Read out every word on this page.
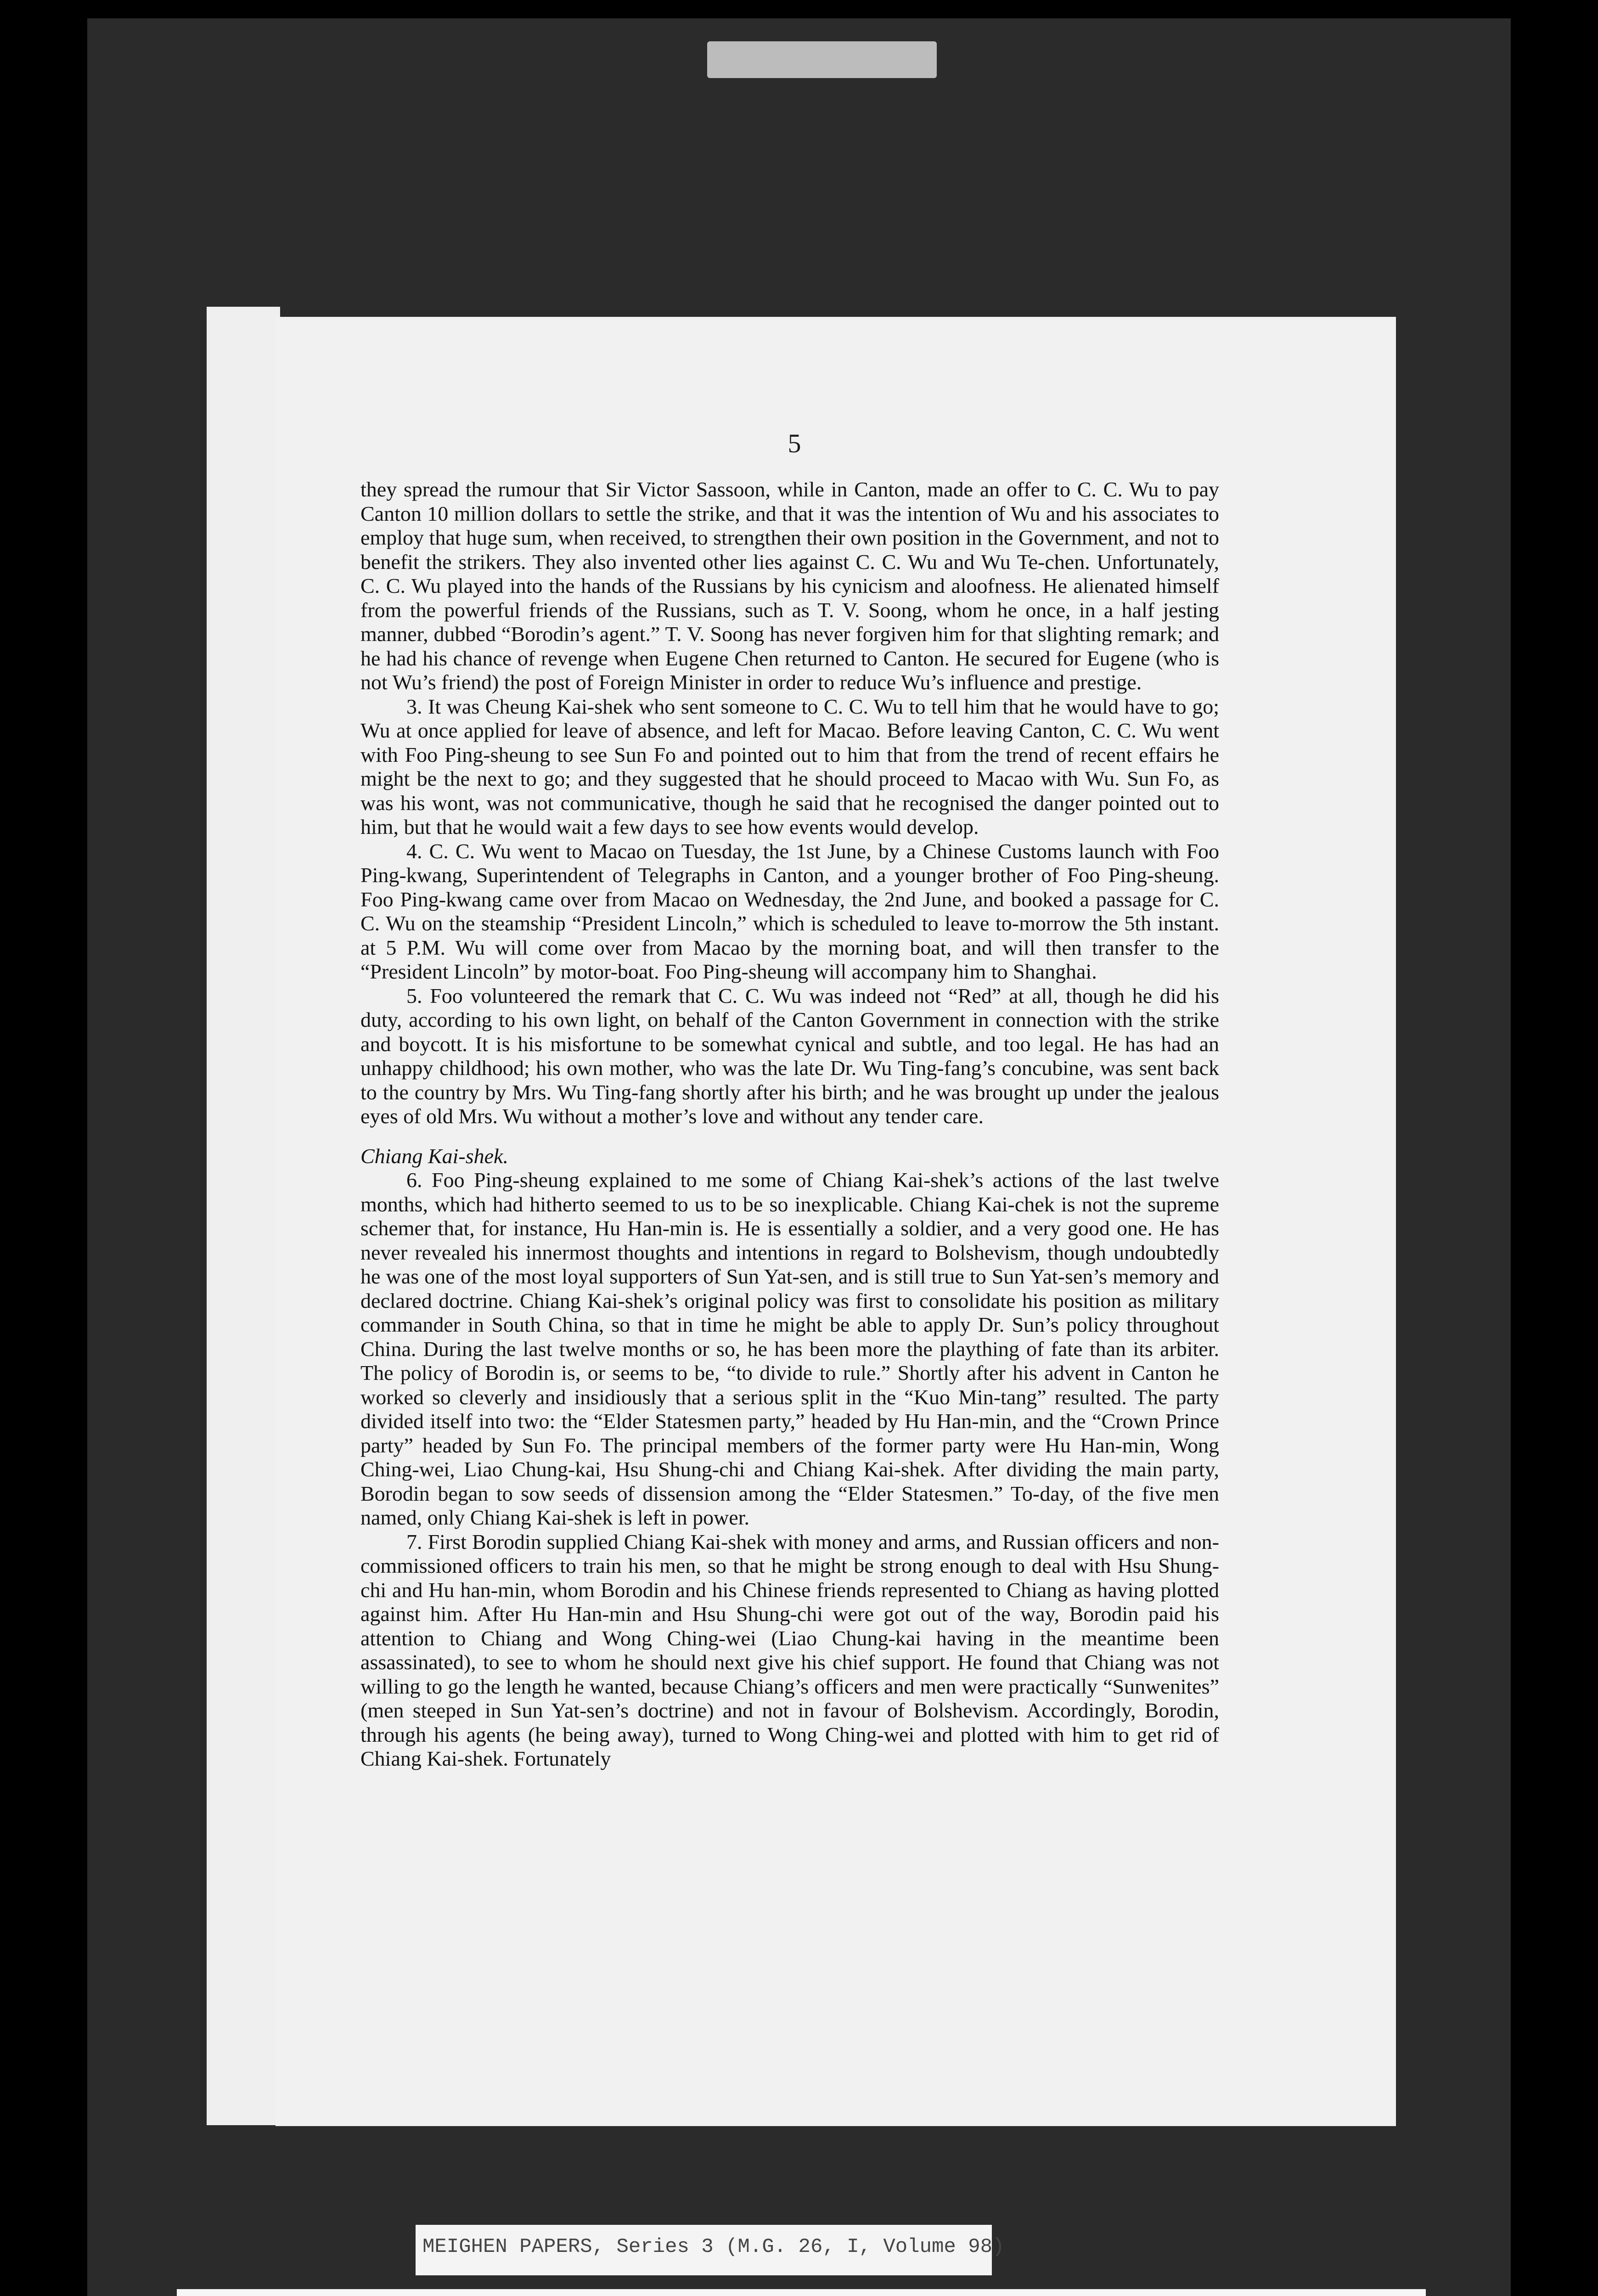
5

they spread the rumour that Sir Victor Sassoon, while in Canton, made an offer to C. C. Wu to pay Canton 10 million dollars to settle the strike, and that it was the intention of Wu and his associates to employ that huge sum, when received, to strengthen their own position in the Government, and not to benefit the strikers. They also invented other lies against C. C. Wu and Wu Te-chen. Unfortunately, C. C. Wu played into the hands of the Russians by his cynicism and aloofness. He alienated himself from the powerful friends of the Russians, such as T. V. Soong, whom he once, in a half jesting manner, dubbed “Borodin’s agent.” T. V. Soong has never forgiven him for that slighting remark; and he had his chance of revenge when Eugene Chen returned to Canton. He secured for Eugene (who is not Wu’s friend) the post of Foreign Minister in order to reduce Wu’s influence and prestige.

3. It was Cheung Kai-shek who sent someone to C. C. Wu to tell him that he would have to go; Wu at once applied for leave of absence, and left for Macao. Before leaving Canton, C. C. Wu went with Foo Ping-sheung to see Sun Fo and pointed out to him that from the trend of recent effairs he might be the next to go; and they suggested that he should proceed to Macao with Wu. Sun Fo, as was his wont, was not communicative, though he said that he recognised the danger pointed out to him, but that he would wait a few days to see how events would develop.

4. C. C. Wu went to Macao on Tuesday, the 1st June, by a Chinese Customs launch with Foo Ping-kwang, Superintendent of Telegraphs in Canton, and a younger brother of Foo Ping-sheung. Foo Ping-kwang came over from Macao on Wednesday, the 2nd June, and booked a passage for C. C. Wu on the steamship “President Lincoln,” which is scheduled to leave to-morrow the 5th instant. at 5 P.M. Wu will come over from Macao by the morning boat, and will then transfer to the “President Lincoln” by motor-boat. Foo Ping-sheung will accompany him to Shanghai.

5. Foo volunteered the remark that C. C. Wu was indeed not “Red” at all, though he did his duty, according to his own light, on behalf of the Canton Government in connection with the strike and boycott. It is his misfortune to be somewhat cynical and subtle, and too legal. He has had an unhappy childhood; his own mother, who was the late Dr. Wu Ting-fang’s concubine, was sent back to the country by Mrs. Wu Ting-fang shortly after his birth; and he was brought up under the jealous eyes of old Mrs. Wu without a mother’s love and without any tender care.

Chiang Kai-shek.

6. Foo Ping-sheung explained to me some of Chiang Kai-shek’s actions of the last twelve months, which had hitherto seemed to us to be so inexplicable. Chiang Kai-chek is not the supreme schemer that, for instance, Hu Han-min is. He is essentially a soldier, and a very good one. He has never revealed his innermost thoughts and intentions in regard to Bolshevism, though undoubtedly he was one of the most loyal supporters of Sun Yat-sen, and is still true to Sun Yat-sen’s memory and declared doctrine. Chiang Kai-shek’s original policy was first to consolidate his position as military commander in South China, so that in time he might be able to apply Dr. Sun’s policy throughout China. During the last twelve months or so, he has been more the plaything of fate than its arbiter. The policy of Borodin is, or seems to be, “to divide to rule.” Shortly after his advent in Canton he worked so cleverly and insidiously that a serious split in the “Kuo Min-tang” resulted. The party divided itself into two: the “Elder Statesmen party,” headed by Hu Han-min, and the “Crown Prince party” headed by Sun Fo. The principal members of the former party were Hu Han-min, Wong Ching-wei, Liao Chung-kai, Hsu Shung-chi and Chiang Kai-shek. After dividing the main party, Borodin began to sow seeds of dissension among the “Elder Statesmen.” To-day, of the five men named, only Chiang Kai-shek is left in power.

7. First Borodin supplied Chiang Kai-shek with money and arms, and Russian officers and non-commissioned officers to train his men, so that he might be strong enough to deal with Hsu Shung-chi and Hu han-min, whom Borodin and his Chinese friends represented to Chiang as having plotted against him. After Hu Han-min and Hsu Shung-chi were got out of the way, Borodin paid his attention to Chiang and Wong Ching-wei (Liao Chung-kai having in the meantime been assassinated), to see to whom he should next give his chief support. He found that Chiang was not willing to go the length he wanted, because Chiang’s officers and men were practically “Sunwenites” (men steeped in Sun Yat-sen’s doctrine) and not in favour of Bolshevism. Accordingly, Borodin, through his agents (he being away), turned to Wong Ching-wei and plotted with him to get rid of Chiang Kai-shek. Fortunately

MEIGHEN PAPERS, Series 3 (M.G. 26, I, Volume 98)
